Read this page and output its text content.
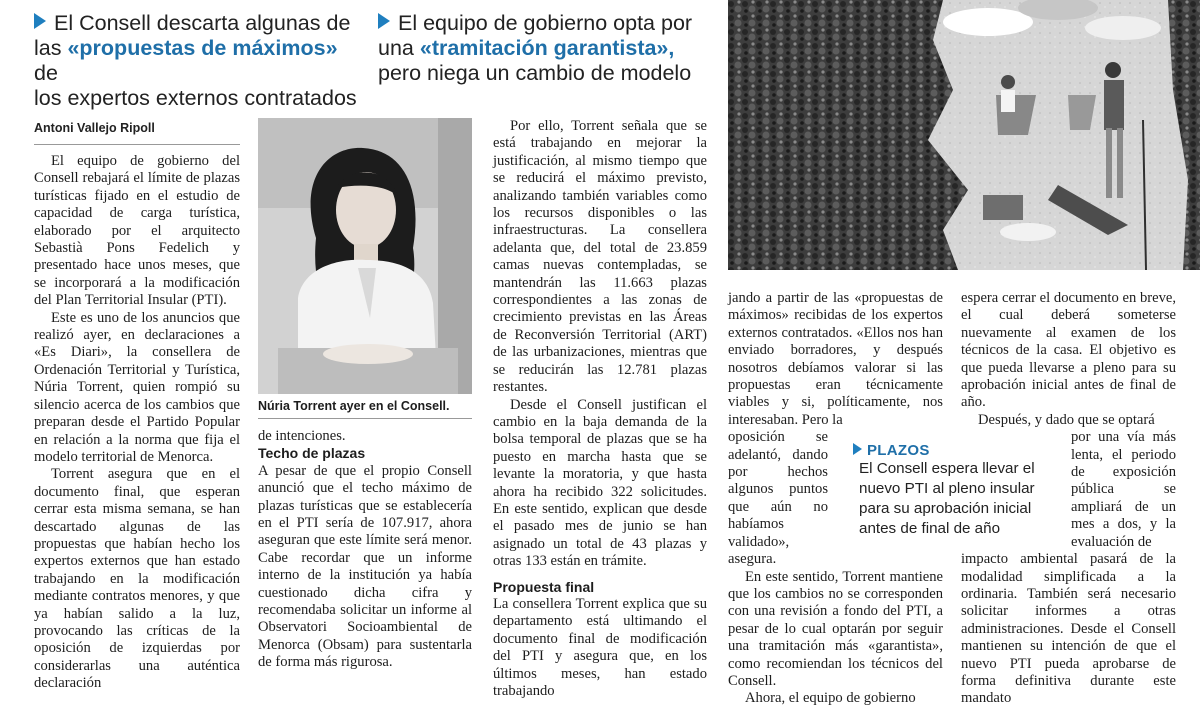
El Consell descarta algunas de
las «propuestas de máximos» de
los expertos externos contratados
El equipo de gobierno opta por
una «tramitación garantista»,
pero niega un cambio de modelo
Antoni Vallejo Ripoll

El equipo de gobierno del Consell rebajará el límite de plazas turísticas fijado en el estudio de capacidad de carga turística, elaborado por el arquitecto Sebastià Pons Fedelich y presentado hace unos meses, que se incorporará a la modificación del Plan Territorial Insular (PTI).

Este es uno de los anuncios que realizó ayer, en declaraciones a «Es Diari», la consellera de Ordenación Territorial y Turística, Núria Torrent, quien rompió su silencio acerca de los cambios que preparan desde el Partido Popular en relación a la norma que fija el modelo territorial de Menorca.

Torrent asegura que en el documento final, que esperan cerrar esta misma semana, se han descartado algunas de las propuestas que habían hecho los expertos externos que han estado trabajando en la modificación mediante contratos menores, y que ya habían salido a la luz, provocando las críticas de la oposición de izquierdas por considerarlas una auténtica declaración

Núria Torrent ayer en el Consell.

de intenciones.

Techo de plazas

A pesar de que el propio Consell anunció que el techo máximo de plazas turísticas que se establecería en el PTI sería de 107.917, ahora aseguran que este límite será menor. Cabe recordar que un informe interno de la institución ya había cuestionado dicha cifra y recomendaba solicitar un informe al Observatori Socioambiental de Menorca (Obsam) para sustentarla de forma más rigurosa.

Por ello, Torrent señala que se está trabajando en mejorar la justificación, al mismo tiempo que se reducirá el máximo previsto, analizando también variables como los recursos disponibles o las infraestructuras. La consellera adelanta que, del total de 23.859 camas nuevas contempladas, se mantendrán las 11.663 plazas correspondientes a las zonas de crecimiento previstas en las Áreas de Reconversión Territorial (ART) de las urbanizaciones, mientras que se reducirán las 12.781 plazas restantes.

Desde el Consell justifican el cambio en la baja demanda de la bolsa temporal de plazas que se ha puesto en marcha hasta que se levante la moratoria, y que hasta ahora ha recibido 322 solicitudes. En este sentido, explican que desde el pasado mes de junio se han asignado un total de 43 plazas y otras 133 están en trámite.

Propuesta final

La consellera Torrent explica que su departamento está ultimando el documento final de modificación del PTI y asegura que, en los últimos meses, han estado trabajando

jando a partir de las «propuestas de máximos» recibidas de los expertos externos contratados. «Ellos nos han enviado borradores, y después nosotros debíamos valorar si las propuestas eran técnicamente viables y si, políticamente, nos interesaban. Pero la

oposición se adelantó, dando por hechos algunos puntos que aún no habíamos validado», asegura.

En este sentido, Torrent mantiene que los cambios no se corresponden con una revisión a fondo del PTI, a pesar de lo cual optarán por seguir una tramitación más «garantista», como recomiendan los técnicos del Consell.

Ahora, el equipo de gobierno

espera cerrar el documento en breve, el cual deberá someterse nuevamente al examen de los técnicos de la casa. El objetivo es que pueda llevarse a pleno para su aprobación inicial antes de final de año.

Después, y dado que se optará

por una vía más lenta, el periodo de exposición pública se ampliará de un mes a dos, y la evaluación de

impacto ambiental pasará de la modalidad simplificada a la ordinaria. También será necesario solicitar informes a otras administraciones. Desde el Consell mantienen su intención de que el nuevo PTI pueda aprobarse de forma definitiva durante este mandato

PLAZOS
El Consell espera llevar el nuevo PTI al pleno insular para su aprobación inicial antes de final de año
